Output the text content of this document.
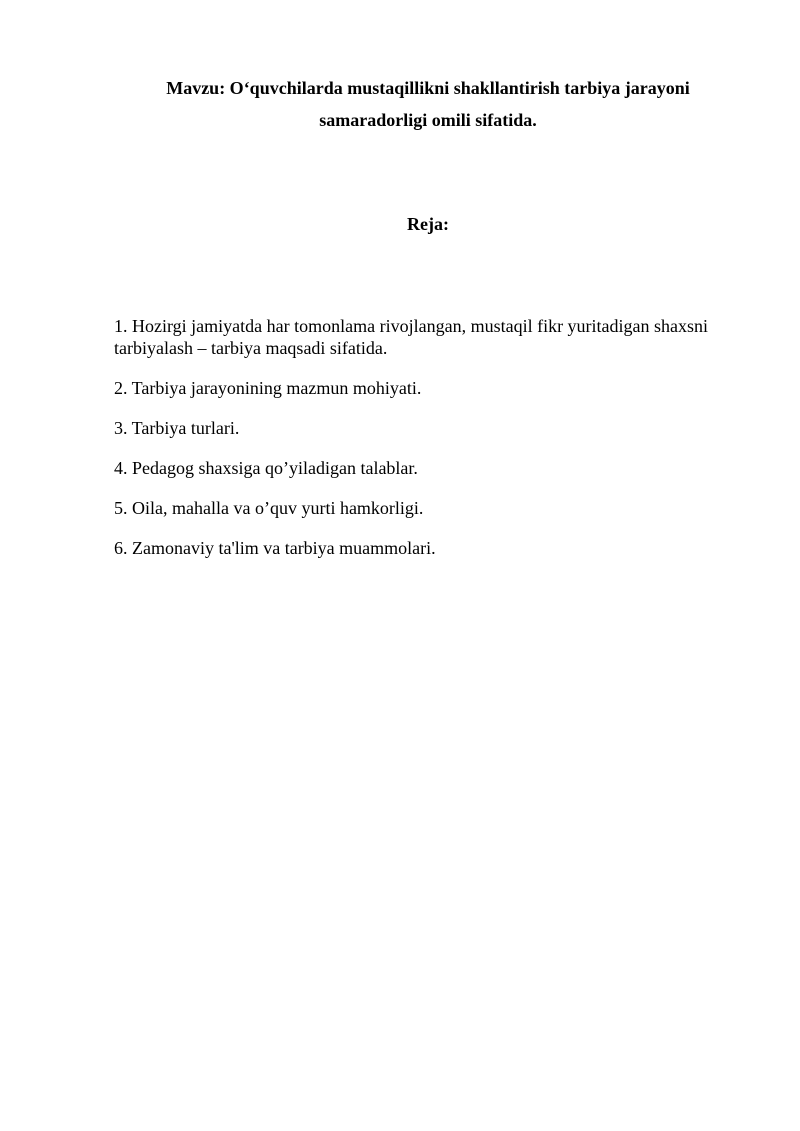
Mavzu: O‘quvchilarda mustaqillikni shakllantirish tarbiya jarayoni
samaradorligi omili sifatida.
Reja:
1. Hozirgi jamiyatda har tomonlama rivojlangan, mustaqil fikr yuritadigan shaxsni tarbiyalash – tarbiya maqsadi sifatida.
2. Tarbiya jarayonining mazmun mohiyati.
3. Tarbiya turlari.
4. Pedagog shaxsiga qo’yiladigan talablar.
5. Oila, mahalla va o’quv yurti hamkorligi.
6. Zamonaviy ta'lim va tarbiya muammolari.
